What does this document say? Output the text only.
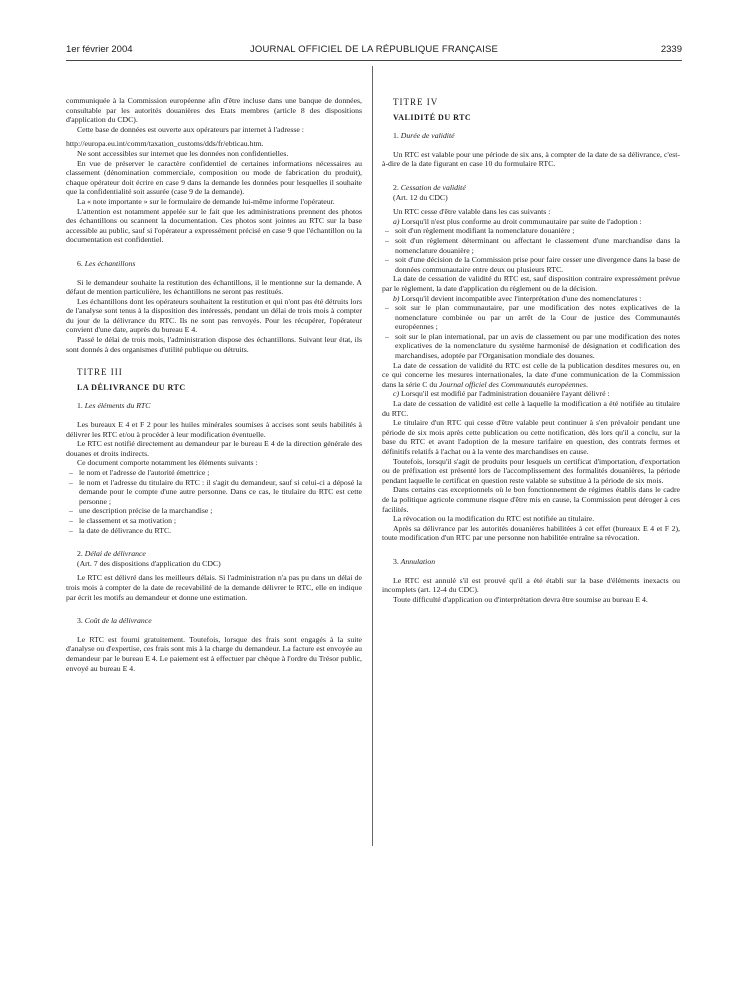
1er février 2004	JOURNAL OFFICIEL DE LA RÉPUBLIQUE FRANÇAISE	2339

communiquée à la Commission européenne afin d'être incluse dans une banque de données, consultable par les autorités douanières des Etats membres (article 8 des dispositions d'application du CDC).

Cette base de données est ouverte aux opérateurs par internet à l'adresse :

http://europa.eu.int/comm/taxation_customs/dds/fr/ebticau.htm.

Ne sont accessibles sur internet que les données non confidentielles.

En vue de préserver le caractère confidentiel de certaines informations nécessaires au classement (dénomination commerciale, composition ou mode de fabrication du produit), chaque opérateur doit écrire en case 9 dans la demande les données pour lesquelles il souhaite que la confidentialité soit assurée (case 9 de la demande).

La « note importante » sur le formulaire de demande lui-même informe l'opérateur.

L'attention est notamment appelée sur le fait que les administrations prennent des photos des échantillons ou scannent la documentation. Ces photos sont jointes au RTC sur la base accessible au public, sauf si l'opérateur a expressément précisé en case 9 que l'échantillon ou la documentation est confidentiel.

6. Les échantillons

Si le demandeur souhaite la restitution des échantillons, il le mentionne sur la demande. A défaut de mention particulière, les échantillons ne seront pas restitués.

Les échantillons dont les opérateurs souhaitent la restitution et qui n'ont pas été détruits lors de l'analyse sont tenus à la disposition des intéressés, pendant un délai de trois mois à compter du jour de la délivrance du RTC. Ils ne sont pas renvoyés. Pour les récupérer, l'opérateur convient d'une date, auprès du bureau E 4.

Passé le délai de trois mois, l'administration dispose des échantillons. Suivant leur état, ils sont donnés à des organismes d'utilité publique ou détruits.

TITRE III

LA DÉLIVRANCE DU RTC

1. Les éléments du RTC

Les bureaux E 4 et F 2 pour les huiles minérales soumises à accises sont seuls habilités à délivrer les RTC et/ou à procéder à leur modification éventuelle.

Le RTC est notifié directement au demandeur par le bureau E 4 de la direction générale des douanes et droits indirects.

Ce document comporte notamment les éléments suivants :

– le nom et l'adresse de l'autorité émettrice ;
– le nom et l'adresse du titulaire du RTC : il s'agit du demandeur, sauf si celui-ci a déposé la demande pour le compte d'une autre personne. Dans ce cas, le titulaire du RTC est cette personne ;
– une description précise de la marchandise ;
– le classement et sa motivation ;
– la date de délivrance du RTC.

2. Délai de délivrance

(Art. 7 des dispositions d'application du CDC)

Le RTC est délivré dans les meilleurs délais. Si l'administration n'a pas pu dans un délai de trois mois à compter de la date de recevabilité de la demande délivrer le RTC, elle en indique par écrit les motifs au demandeur et donne une estimation.

3. Coût de la délivrance

Le RTC est fourni gratuitement. Toutefois, lorsque des frais sont engagés à la suite d'analyse ou d'expertise, ces frais sont mis à la charge du demandeur. La facture est envoyée au demandeur par le bureau E 4. Le paiement est à effectuer par chèque à l'ordre du Trésor public, envoyé au bureau E 4.

TITRE IV

VALIDITÉ DU RTC

1. Durée de validité

Un RTC est valable pour une période de six ans, à compter de la date de sa délivrance, c'est-à-dire de la date figurant en case 10 du formulaire RTC.

2. Cessation de validité

(Art. 12 du CDC)

Un RTC cesse d'être valable dans les cas suivants :

a) Lorsqu'il n'est plus conforme au droit communautaire par suite de l'adoption :

– soit d'un règlement modifiant la nomenclature douanière ;
– soit d'un règlement déterminant ou affectant le classement d'une marchandise dans la nomenclature douanière ;
– soit d'une décision de la Commission prise pour faire cesser une divergence dans la base de données communautaire entre deux ou plusieurs RTC.

La date de cessation de validité du RTC est, sauf disposition contraire expressément prévue par le règlement, la date d'application du règlement ou de la décision.

b) Lorsqu'il devient incompatible avec l'interprétation d'une des nomenclatures :

– soit sur le plan communautaire, par une modification des notes explicatives de la nomenclature combinée ou par un arrêt de la Cour de justice des Communautés européennes ;
– soit sur le plan international, par un avis de classement ou par une modification des notes explicatives de la nomenclature du système harmonisé de désignation et codification des marchandises, adoptée par l'Organisation mondiale des douanes.

La date de cessation de validité du RTC est celle de la publication desdites mesures ou, en ce qui concerne les mesures internationales, la date d'une communication de la Commission dans la série C du Journal officiel des Communautés européennes.

c) Lorsqu'il est modifié par l'administration douanière l'ayant délivré :

La date de cessation de validité est celle à laquelle la modification a été notifiée au titulaire du RTC.

Le titulaire d'un RTC qui cesse d'être valable peut continuer à s'en prévaloir pendant une période de six mois après cette publication ou cette notification, dès lors qu'il a conclu, sur la base du RTC et avant l'adoption de la mesure tarifaire en question, des contrats fermes et définitifs relatifs à l'achat ou à la vente des marchandises en cause.

Toutefois, lorsqu'il s'agit de produits pour lesquels un certificat d'importation, d'exportation ou de préfixation est présenté lors de l'accomplissement des formalités douanières, la période pendant laquelle le certificat en question reste valable se substitue à la période de six mois.

Dans certains cas exceptionnels où le bon fonctionnement de régimes établis dans le cadre de la politique agricole commune risque d'être mis en cause, la Commission peut déroger à ces facilités.

La révocation ou la modification du RTC est notifiée au titulaire.

Après sa délivrance par les autorités douanières habilitées à cet effet (bureaux E 4 et F 2), toute modification d'un RTC par une personne non habilitée entraîne sa révocation.

3. Annulation

Le RTC est annulé s'il est prouvé qu'il a été établi sur la base d'éléments inexacts ou incomplets (art. 12-4 du CDC).

Toute difficulté d'application ou d'interprétation devra être soumise au bureau E 4.
